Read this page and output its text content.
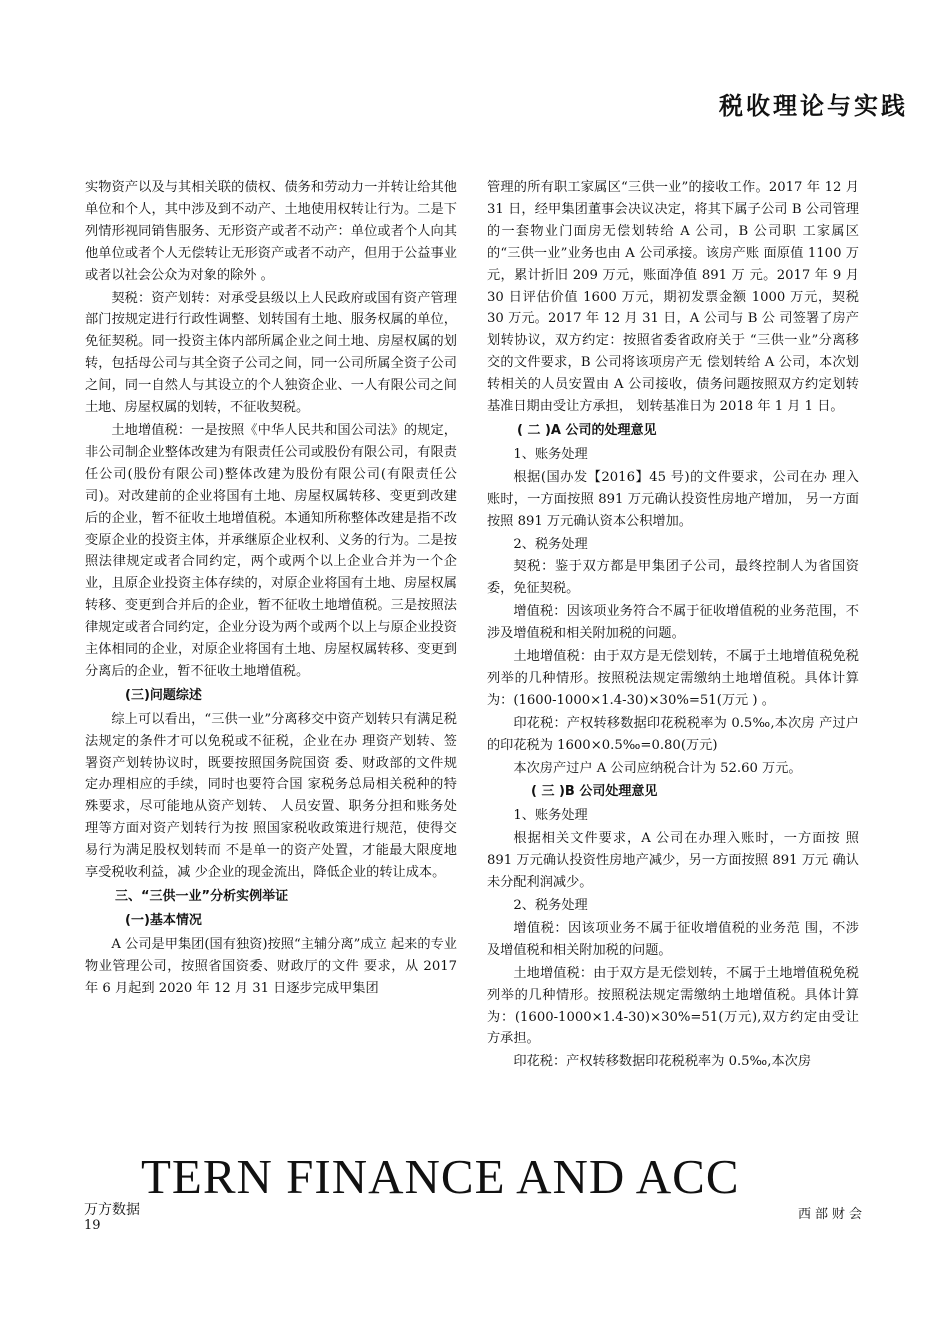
税收理论与实践

实物资产以及与其相关联的债权、债务和劳动力一并转让给其他单位和个人，其中涉及到不动产、土地使用权转让行为。二是下列情形视同销售服务、无形资产或者不动产：单位或者个人向其他单位或者个人无偿转让无形资产或者不动产，但用于公益事业或者以社会公众为对象的除外 。

契税：资产划转：对承受县级以上人民政府或国有资产管理部门按规定进行行政性调整、划转国有土地、服务权属的单位，免征契税。同一投资主体内部所属企业之间土地、房屋权属的划转，包括母公司与其全资子公司之间，同一公司所属全资子公司之间，同一自然人与其设立的个人独资企业、一人有限公司之间土地、房屋权属的划转，不征收契税。

土地增值税：一是按照《中华人民共和国公司法》的规定，非公司制企业整体改建为有限责任公司或股份有限公司，有限责任公司(股份有限公司)整体改建为股份有限公司(有限责任公司)。对改建前的企业将国有土地、房屋权属转移、变更到改建后的企业，暂不征收土地增值税。本通知所称整体改建是指不改变原企业的投资主体，并承继原企业权利、义务的行为。二是按照法律规定或者合同约定，两个或两个以上企业合并为一个企业，且原企业投资主体存续的，对原企业将国有土地、房屋权属转移、变更到合并后的企业，暂不征收土地增值税。三是按照法律规定或者合同约定，企业分设为两个或两个以上与原企业投资主体相同的企业，对原企业将国有土地、房屋权属转移、变更到分离后的企业，暂不征收土地增值税。

(三)问题综述

综上可以看出，“三供一业”分离移交中资产划转只有满足税法规定的条件才可以免税或不征税，企业在办 理资产划转、签署资产划转协议时，既要按照国务院国资 委、财政部的文件规定办理相应的手续，同时也要符合国 家税务总局相关税种的特殊要求，尽可能地从资产划转、 人员安置、职务分担和账务处理等方面对资产划转行为按 照国家税收政策进行规范，使得交易行为满足股权划转而 不是单一的资产处置，才能最大限度地享受税收利益，减 少企业的现金流出，降低企业的转让成本。

三、“三供一业”分析实例举证
(一)基本情况

A 公司是甲集团(国有独资)按照“主辅分离”成立 起来的专业物业管理公司，按照省国资委、财政厅的文件 要求，从 2017 年 6 月起到 2020 年 12 月 31 日逐步完成甲集团

管理的所有职工家属区“三供一业”的接收工作。2017 年 12 月 31 日，经甲集团董事会决议决定，将其下属子公司 B 公司管理的一套物业门面房无偿划转给 A 公司，B 公司职 工家属区的“三供一业”业务也由 A 公司承接。该房产账 面原值 1100 万元，累计折旧 209 万元，账面净值 891 万 元。2017 年 9 月 30 日评估价值 1600 万元，期初发票金额 1000 万元，契税 30 万元。2017 年 12 月 31 日，A 公司与 B 公 司签署了房产划转协议，双方约定：按照省委省政府关于 “三供一业”分离移交的文件要求，B 公司将该项房产无 偿划转给 A 公司，本次划转相关的人员安置由 A 公司接收，债务问题按照双方约定划转基准日期由受让方承担， 划转基准日为 2018 年 1 月 1 日。

( 二 )A 公司的处理意见

1、账务处理

根据(国办发【2016】45 号)的文件要求，公司在办 理入账时，一方面按照 891 万元确认投资性房地产增加， 另一方面按照 891 万元确认资本公积增加。

2、税务处理

契税：鉴于双方都是甲集团子公司，最终控制人为省国资委，免征契税。

增值税：因该项业务符合不属于征收增值税的业务范围，不涉及增值税和相关附加税的问题。

土地增值税：由于双方是无偿划转，不属于土地增值税免税列举的几种情形。按照税法规定需缴纳土地增值税。具体计算为：(1600-1000×1.4-30)×30%=51(万元 ) 。

印花税：产权转移数据印花税税率为 0.5‰,本次房 产过户的印花税为 1600×0.5‰=0.80(万元)

本次房产过户 A 公司应纳税合计为 52.60 万元。

( 三 )B 公司处理意见

1、账务处理

根据相关文件要求，A 公司在办理入账时，一方面按 照 891 万元确认投资性房地产减少，另一方面按照 891 万元 确认未分配利润减少。

2、税务处理

增值税：因该项业务不属于征收增值税的业务范 围，不涉及增值税和相关附加税的问题。

土地增值税：由于双方是无偿划转，不属于土地增值税免税列举的几种情形。按照税法规定需缴纳土地增值税。具体计算为：(1600-1000×1.4-30)×30%=51(万元),双方约定由受让方承担。

印花税：产权转移数据印花税税率为 0.5‰,本次房

TERN FINANCE AND ACC
万方数据
19
西部财会
